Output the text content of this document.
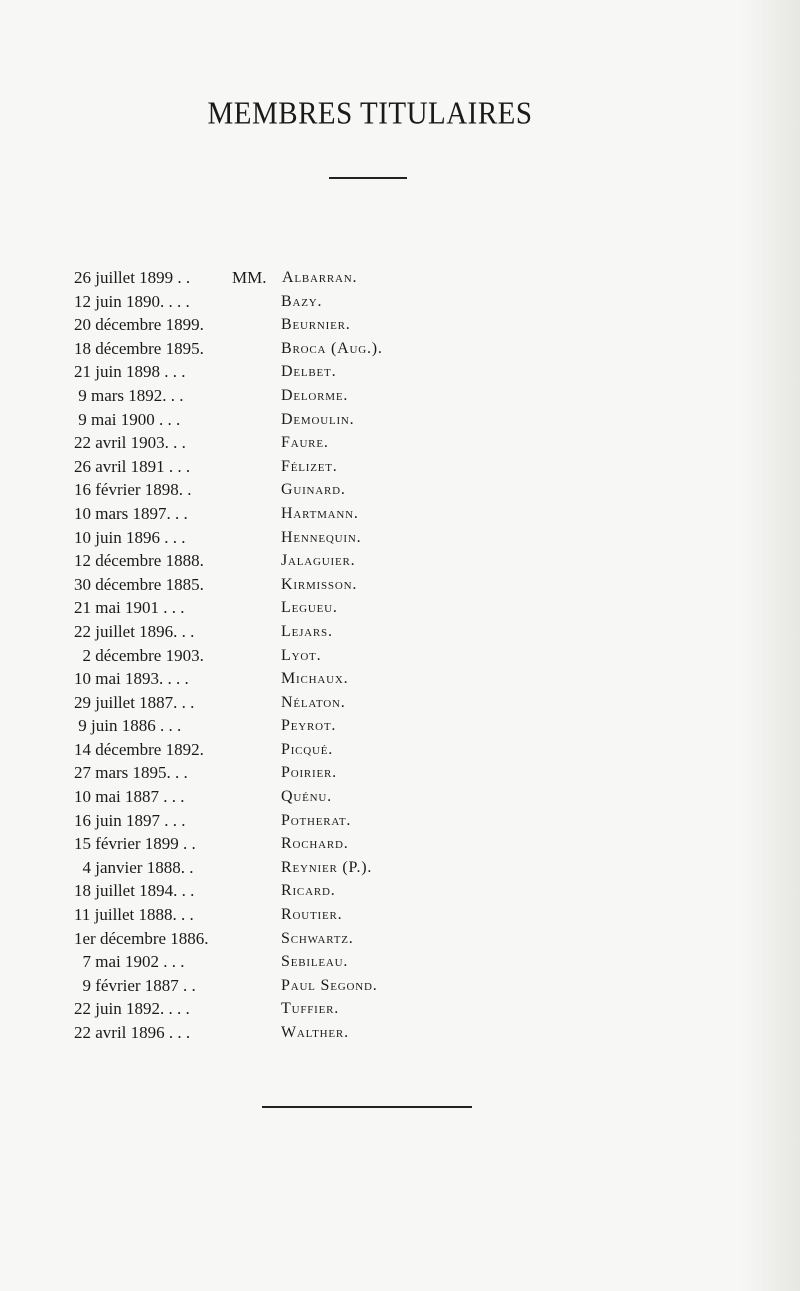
MEMBRES TITULAIRES
MM.
26 juillet 1899 . .	Albarran.
12 juin 1890. . . .	Bazy.
20 décembre 1899.	Beurnier.
18 décembre 1895.	Broca (Aug.).
21 juin 1898 . . .	Delbet.
9 mars 1892. . .	Delorme.
9 mai 1900 . . .	Demoulin.
22 avril 1903. . .	Faure.
26 avril 1891 . . .	Félizet.
16 février 1898. .	Guinard.
10 mars 1897. . .	Hartmann.
10 juin 1896 . . .	Hennequin.
12 décembre 1888.	Jalaguier.
30 décembre 1885.	Kirmisson.
21 mai 1901 . . .	Legueu.
22 juillet 1896. . .	Lejars.
2 décembre 1903.	Lyot.
10 mai 1893. . . .	Michaux.
29 juillet 1887. . .	Nélaton.
9 juin 1886 . . .	Peyrot.
14 décembre 1892.	Picqué.
27 mars 1895. . .	Poirier.
10 mai 1887 . . .	Quénu.
16 juin 1897 . . .	Potherat.
15 février 1899 . .	Rochard.
4 janvier 1888. .	Reynier (P.).
18 juillet 1894. . .	Ricard.
11 juillet 1888. . .	Routier.
1er décembre 1886.	Schwartz.
7 mai 1902 . . .	Sebileau.
9 février 1887 . .	Paul Segond.
22 juin 1892. . . .	Tuffier.
22 avril 1896 . . .	Walther.
